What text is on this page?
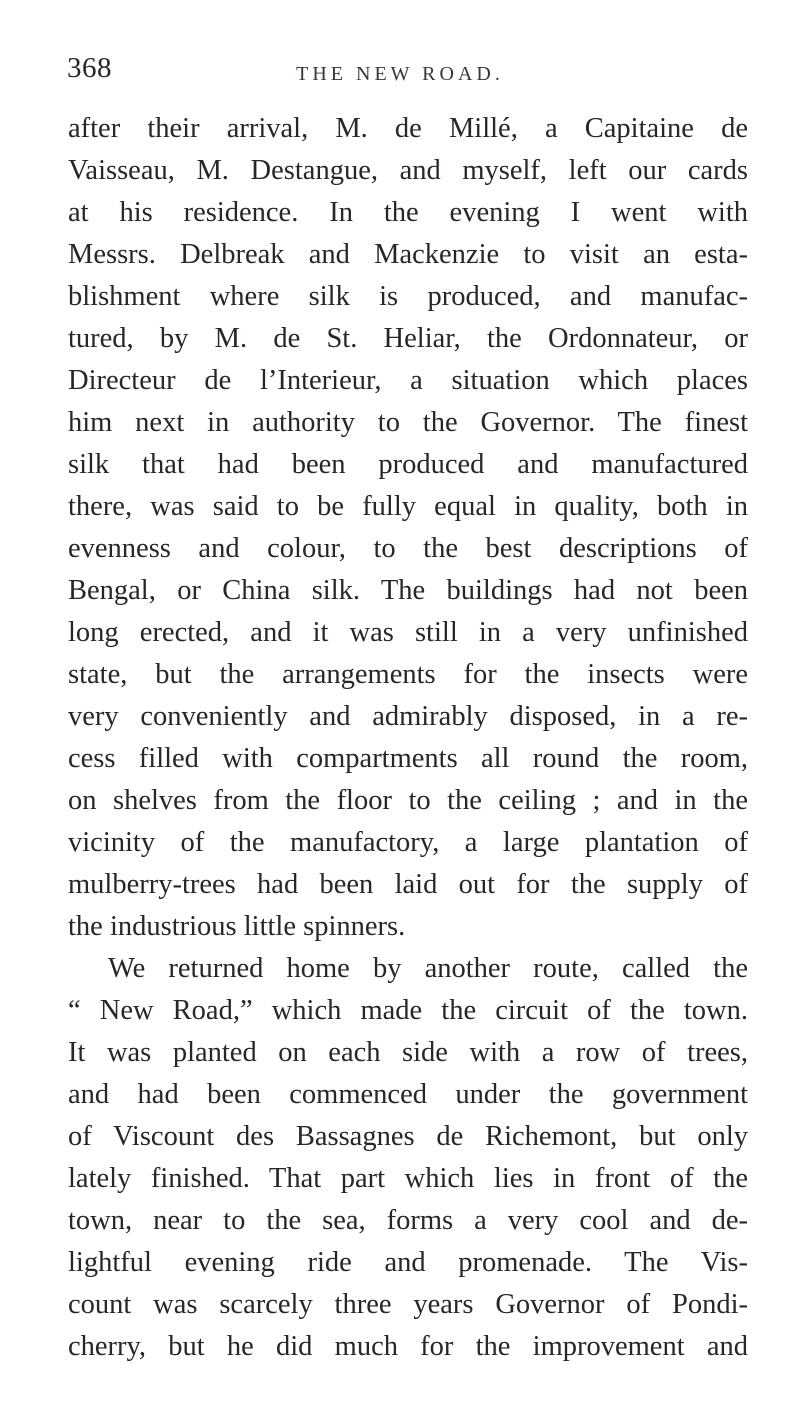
368	THE NEW ROAD.
after their arrival, M. de Millé, a Capitaine de
Vaisseau, M. Destangue, and myself, left our cards
at his residence. In the evening I went with
Messrs. Delbreak and Mackenzie to visit an esta-
blishment where silk is produced, and manufac-
tured, by M. de St. Heliar, the Ordonnateur, or
Directeur de l’Interieur, a situation which places
him next in authority to the Governor. The finest
silk that had been produced and manufactured
there, was said to be fully equal in quality, both in
evenness and colour, to the best descriptions of
Bengal, or China silk. The buildings had not been
long erected, and it was still in a very unfinished
state, but the arrangements for the insects were
very conveniently and admirably disposed, in a re-
cess filled with compartments all round the room,
on shelves from the floor to the ceiling ; and in the
vicinity of the manufactory, a large plantation of
mulberry-trees had been laid out for the supply of
the industrious little spinners.
We returned home by another route, called the
“ New Road,” which made the circuit of the town.
It was planted on each side with a row of trees,
and had been commenced under the government
of Viscount des Bassagnes de Richemont, but only
lately finished. That part which lies in front of the
town, near to the sea, forms a very cool and de-
lightful evening ride and promenade. The Vis-
count was scarcely three years Governor of Pondi-
cherry, but he did much for the improvement and
